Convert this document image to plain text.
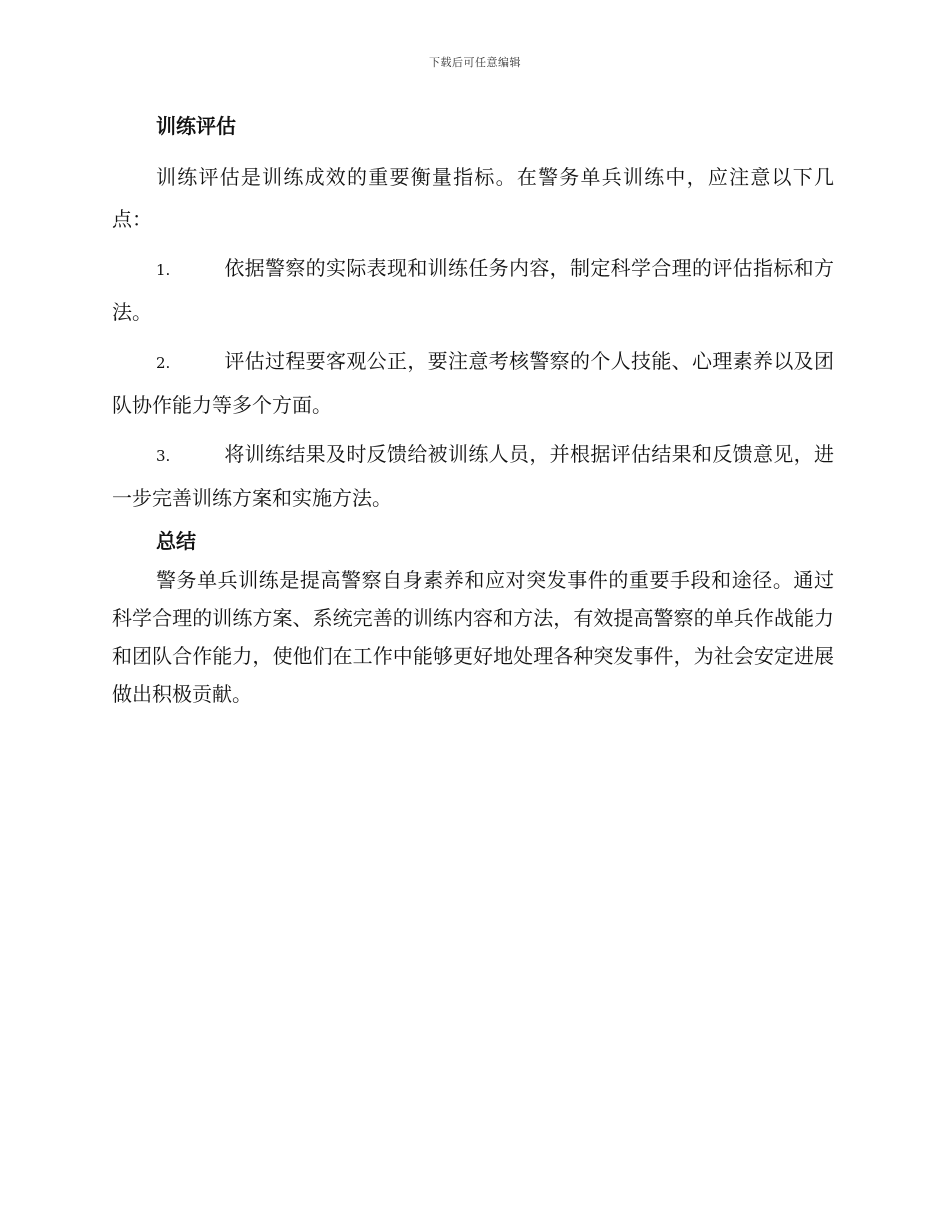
下载后可任意编辑
训练评估

训练评估是训练成效的重要衡量指标。在警务单兵训练中，应注意以下几点：

1.	依据警察的实际表现和训练任务内容，制定科学合理的评估指标和方法。

2.	评估过程要客观公正，要注意考核警察的个人技能、心理素养以及团队协作能力等多个方面。

3.	将训练结果及时反馈给被训练人员，并根据评估结果和反馈意见，进一步完善训练方案和实施方法。

总结

警务单兵训练是提高警察自身素养和应对突发事件的重要手段和途径。通过科学合理的训练方案、系统完善的训练内容和方法，有效提高警察的单兵作战能力和团队合作能力，使他们在工作中能够更好地处理各种突发事件，为社会安定进展做出积极贡献。
